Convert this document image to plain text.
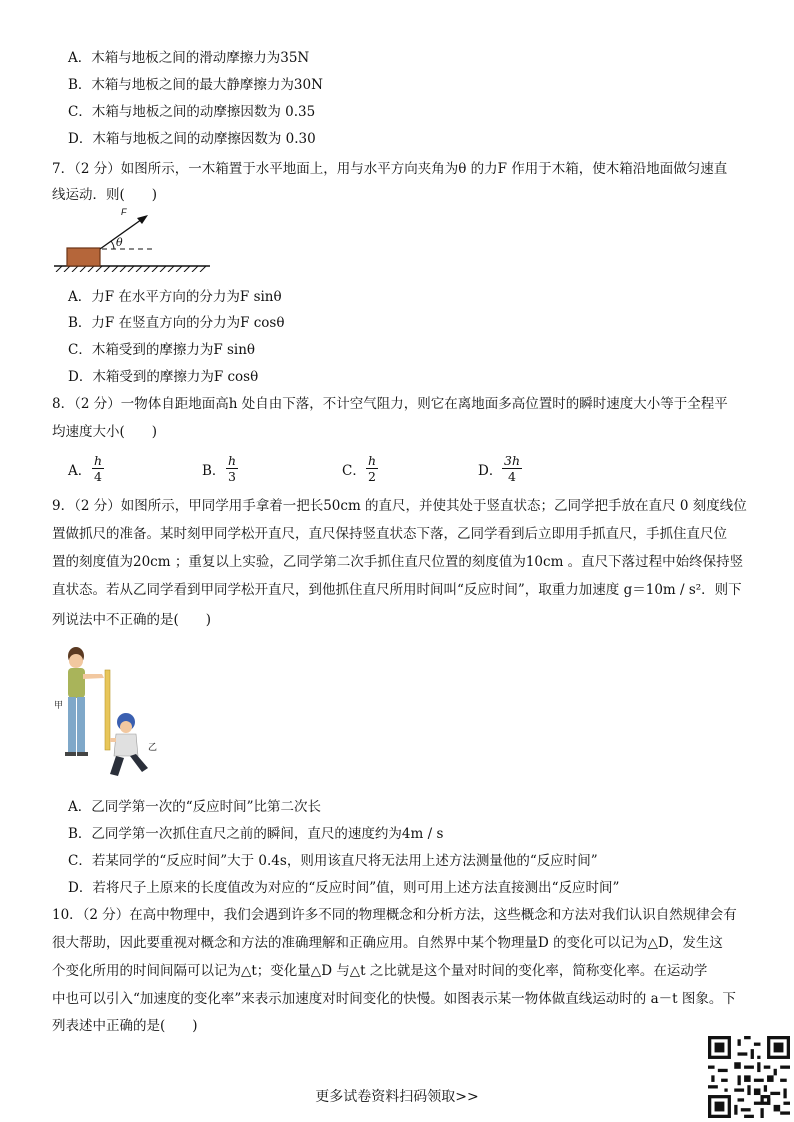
A．木箱与地板之间的滑动摩擦力为35N
B．木箱与地板之间的最大静摩擦力为30N
C．木箱与地板之间的动摩擦因数为 0.35
D．木箱与地板之间的动摩擦因数为 0.30
7．（2 分）如图所示，一木箱置于水平地面上，用与水平方向夹角为θ 的力F 作用于木箱，使木箱沿地面做匀速直
线运动．则(　　)
F
θ
A．力F 在水平方向的分力为F sinθ
B．力F 在竖直方向的分力为F cosθ
C．木箱受到的摩擦力为F sinθ
D．木箱受到的摩擦力为F cosθ
8．（2 分）一物体自距地面高h 处自由下落，不计空气阻力，则它在离地面多高位置时的瞬时速度大小等于全程平
均速度大小(　　)
A． $\frac{h}{4}$	B． $\frac{h}{3}$	C． $\frac{h}{2}$	D． $\frac{3h}{4}$
9．（2 分）如图所示，甲同学用手拿着一把长50cm 的直尺，并使其处于竖直状态；乙同学把手放在直尺 0 刻度线位
置做抓尺的准备。某时刻甲同学松开直尺，直尺保持竖直状态下落，乙同学看到后立即用手抓直尺，手抓住直尺位
置的刻度值为20cm ；重复以上实验，乙同学第二次手抓住直尺位置的刻度值为10cm 。直尺下落过程中始终保持竖
直状态。若从乙同学看到甲同学松开直尺，到他抓住直尺所用时间叫“反应时间”，取重力加速度 g＝10m / s²．则下
列说法中不正确的是(　　)
甲
乙
A．乙同学第一次的“反应时间”比第二次长
B．乙同学第一次抓住直尺之前的瞬间，直尺的速度约为4m / s
C．若某同学的“反应时间”大于 0.4s，则用该直尺将无法用上述方法测量他的“反应时间”
D．若将尺子上原来的长度值改为对应的“反应时间”值，则可用上述方法直接测出“反应时间”
10．（2 分）在高中物理中，我们会遇到许多不同的物理概念和分析方法，这些概念和方法对我们认识自然规律会有
很大帮助，因此要重视对概念和方法的准确理解和正确应用。自然界中某个物理量D 的变化可以记为△D，发生这
个变化所用的时间间隔可以记为△t；变化量△D 与△t 之比就是这个量对时间的变化率，简称变化率。在运动学
中也可以引入“加速度的变化率”来表示加速度对时间变化的快慢。如图表示某一物体做直线运动时的 a－t 图象。下
列表述中正确的是(　　)
更多试卷资料扫码领取>>
